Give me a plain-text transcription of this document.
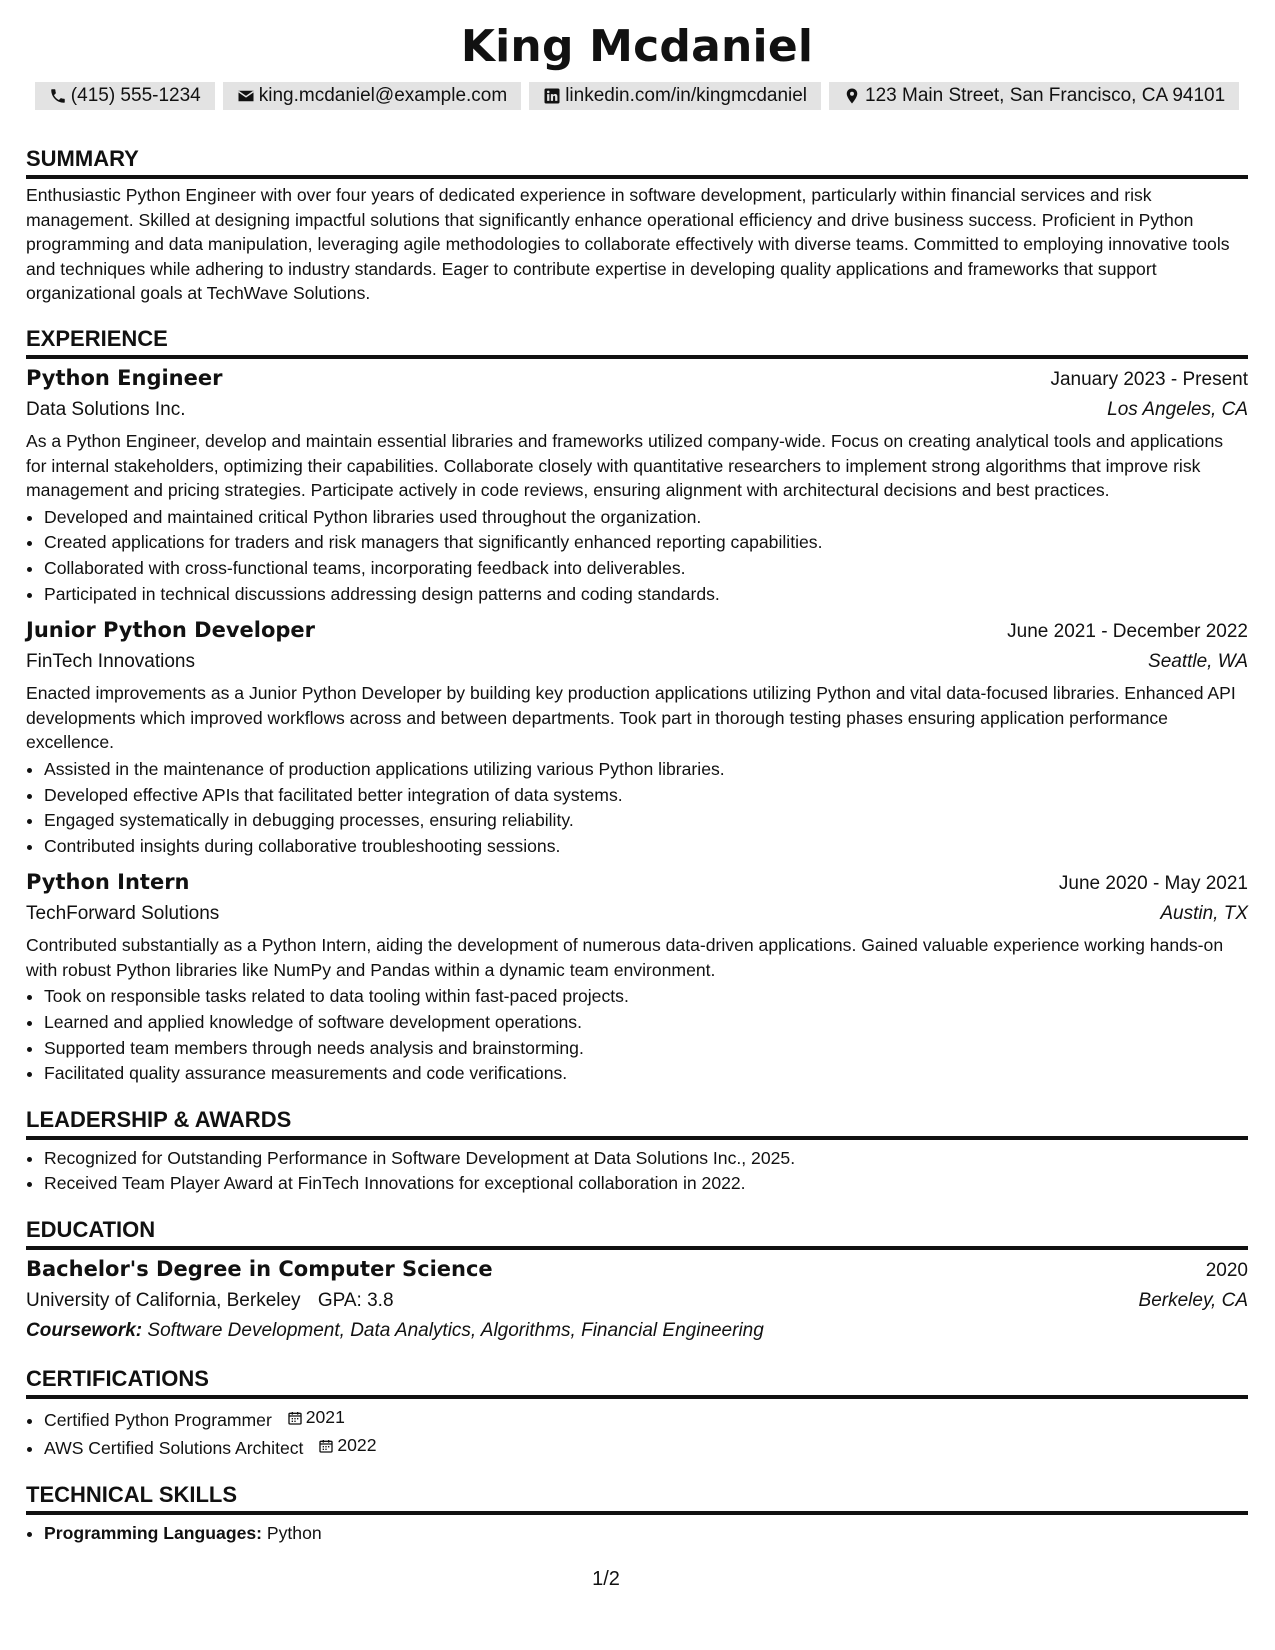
King Mcdaniel
(415) 555-1234	king.mcdaniel@example.com	linkedin.com/in/kingmcdaniel	123 Main Street, San Francisco, CA 94101
SUMMARY

Enthusiastic Python Engineer with over four years of dedicated experience in software development, particularly within financial services and risk management. Skilled at designing impactful solutions that significantly enhance operational efficiency and drive business success. Proficient in Python programming and data manipulation, leveraging agile methodologies to collaborate effectively with diverse teams. Committed to employing innovative tools and techniques while adhering to industry standards. Eager to contribute expertise in developing quality applications and frameworks that support organizational goals at TechWave Solutions.

EXPERIENCE
Python Engineer	January 2023 - Present
Data Solutions Inc.	Los Angeles, CA

As a Python Engineer, develop and maintain essential libraries and frameworks utilized company-wide. Focus on creating analytical tools and applications for internal stakeholders, optimizing their capabilities. Collaborate closely with quantitative researchers to implement strong algorithms that improve risk management and pricing strategies. Participate actively in code reviews, ensuring alignment with architectural decisions and best practices.

• Developed and maintained critical Python libraries used throughout the organization.
• Created applications for traders and risk managers that significantly enhanced reporting capabilities.
• Collaborated with cross-functional teams, incorporating feedback into deliverables.
• Participated in technical discussions addressing design patterns and coding standards.
Junior Python Developer	June 2021 - December 2022
FinTech Innovations	Seattle, WA

Enacted improvements as a Junior Python Developer by building key production applications utilizing Python and vital data-focused libraries. Enhanced API developments which improved workflows across and between departments. Took part in thorough testing phases ensuring application performance excellence.

• Assisted in the maintenance of production applications utilizing various Python libraries.
• Developed effective APIs that facilitated better integration of data systems.
• Engaged systematically in debugging processes, ensuring reliability.
• Contributed insights during collaborative troubleshooting sessions.
Python Intern	June 2020 - May 2021
TechForward Solutions	Austin, TX

Contributed substantially as a Python Intern, aiding the development of numerous data-driven applications. Gained valuable experience working hands-on with robust Python libraries like NumPy and Pandas within a dynamic team environment.

• Took on responsible tasks related to data tooling within fast-paced projects.
• Learned and applied knowledge of software development operations.
• Supported team members through needs analysis and brainstorming.
• Facilitated quality assurance measurements and code verifications.
LEADERSHIP & AWARDS
• Recognized for Outstanding Performance in Software Development at Data Solutions Inc., 2025.
• Received Team Player Award at FinTech Innovations for exceptional collaboration in 2022.
EDUCATION
Bachelor's Degree in Computer Science	2020
University of California, Berkeley GPA: 3.8	Berkeley, CA
Coursework: Software Development, Data Analytics, Algorithms, Financial Engineering
CERTIFICATIONS
• Certified Python Programmer 2021
• AWS Certified Solutions Architect 2022
TECHNICAL SKILLS
• Programming Languages: Python
1/2
